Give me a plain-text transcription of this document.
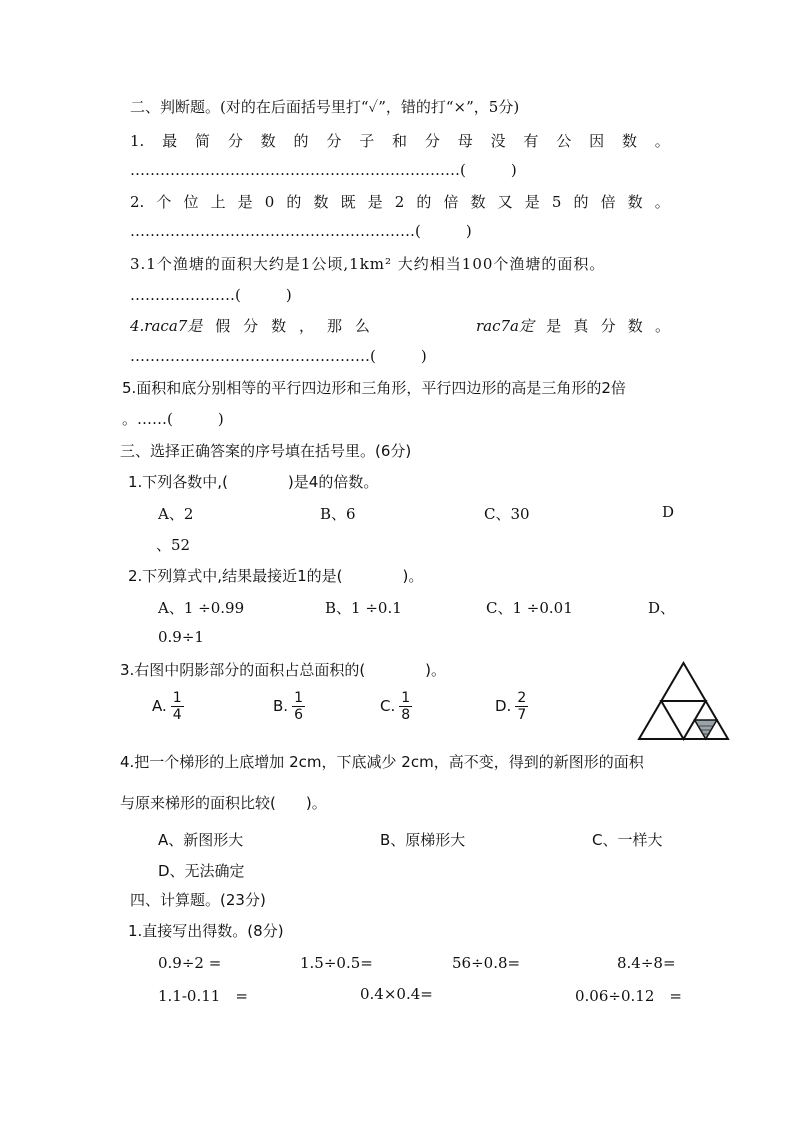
二、判断题。(对的在后面括号里打“✓”，错的打“×”，5分)
1. 最 简 分 数 的 分 子 和 分 母 没 有 公 因 数 。
…………………………………………………………(　　　)
2. 个 位 上 是 0 的 数 既 是 2 的 倍 数 又 是 5 的 倍 数 。
…………………………………………………(　　　)
3.1个渔塘的面积大约是1公顷,1km² 大约相当100个渔塘的面积。
…………………(　　　)
4.raca7是 假 分 数 ， 那 么	rac7a定 是 真 分 数 。
…………………………………………(　　　)
5.面积和底分别相等的平行四边形和三角形，平行四边形的高是三角形的2倍
。……(　　　)
三、选择正确答案的序号填在括号里。(6分)
1.下列各数中,(　　　　)是4的倍数。
A、2	B、6	C、30	D
、52
2.下列算式中,结果最接近1的是(　　　　)。
A、1 ÷0.99	B、1 ÷0.1	C、1 ÷0.01	D、
0.9÷1
3.右图中阴影部分的面积占总面积的(　　　　)。
A. $\frac{1}{4}$	B. $\frac{1}{6}$	C. $\frac{1}{8}$	D. $\frac{2}{7}$
4.把一个梯形的上底增加 2cm，下底减少 2cm，高不变，得到的新图形的面积
与原来梯形的面积比较(　　)。
A、新图形大	B、原梯形大	C、一样大
D、无法确定
四、计算题。(23分)
1.直接写出得数。(8分)
0.9÷2 =	1.5÷0.5=	56÷0.8=	8.4÷8=
1.1-0.11　=	0.4×0.4=	0.06÷0.12　=
